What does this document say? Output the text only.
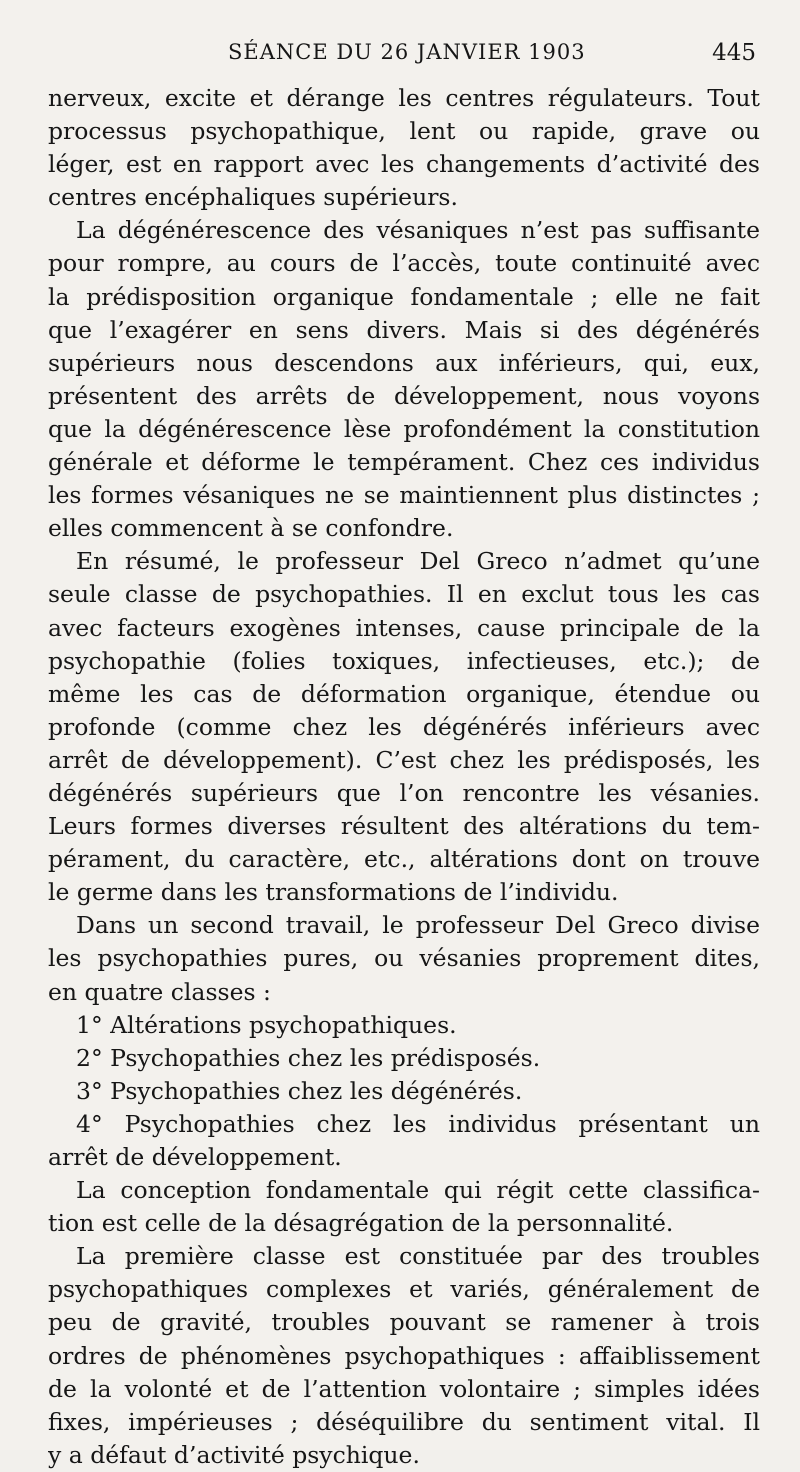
SÉANCE DU 26 JANVIER 1903	445
nerveux, excite et dérange les centres régulateurs. Tout
processus psychopathique, lent ou rapide, grave ou
léger, est en rapport avec les changements d’activité des
centres encéphaliques supérieurs.
La dégénérescence des vésaniques n’est pas suffisante
pour rompre, au cours de l’accès, toute continuité avec
la prédisposition organique fondamentale ; elle ne fait
que l’exagérer en sens divers. Mais si des dégénérés
supérieurs nous descendons aux inférieurs, qui, eux,
présentent des arrêts de développement, nous voyons
que la dégénérescence lèse profondément la constitution
générale et déforme le tempérament. Chez ces individus
les formes vésaniques ne se maintiennent plus distinctes ;
elles commencent à se confondre.
En résumé, le professeur Del Greco n’admet qu’une
seule classe de psychopathies. Il en exclut tous les cas
avec facteurs exogènes intenses, cause principale de la
psychopathie (folies toxiques, infectieuses, etc.); de
même les cas de déformation organique, étendue ou
profonde (comme chez les dégénérés inférieurs avec
arrêt de développement). C’est chez les prédisposés, les
dégénérés supérieurs que l’on rencontre les vésanies.
Leurs formes diverses résultent des altérations du tem-
pérament, du caractère, etc., altérations dont on trouve
le germe dans les transformations de l’individu.
Dans un second travail, le professeur Del Greco divise
les psychopathies pures, ou vésanies proprement dites,
en quatre classes :
1° Altérations psychopathiques.
2° Psychopathies chez les prédisposés.
3° Psychopathies chez les dégénérés.
4° Psychopathies chez les individus présentant un
arrêt de développement.
La conception fondamentale qui régit cette classifica-
tion est celle de la désagrégation de la personnalité.
La première classe est constituée par des troubles
psychopathiques complexes et variés, généralement de
peu de gravité, troubles pouvant se ramener à trois
ordres de phénomènes psychopathiques : affaiblissement
de la volonté et de l’attention volontaire ; simples idées
fixes, impérieuses ; déséquilibre du sentiment vital. Il
y a défaut d’activité psychique.
